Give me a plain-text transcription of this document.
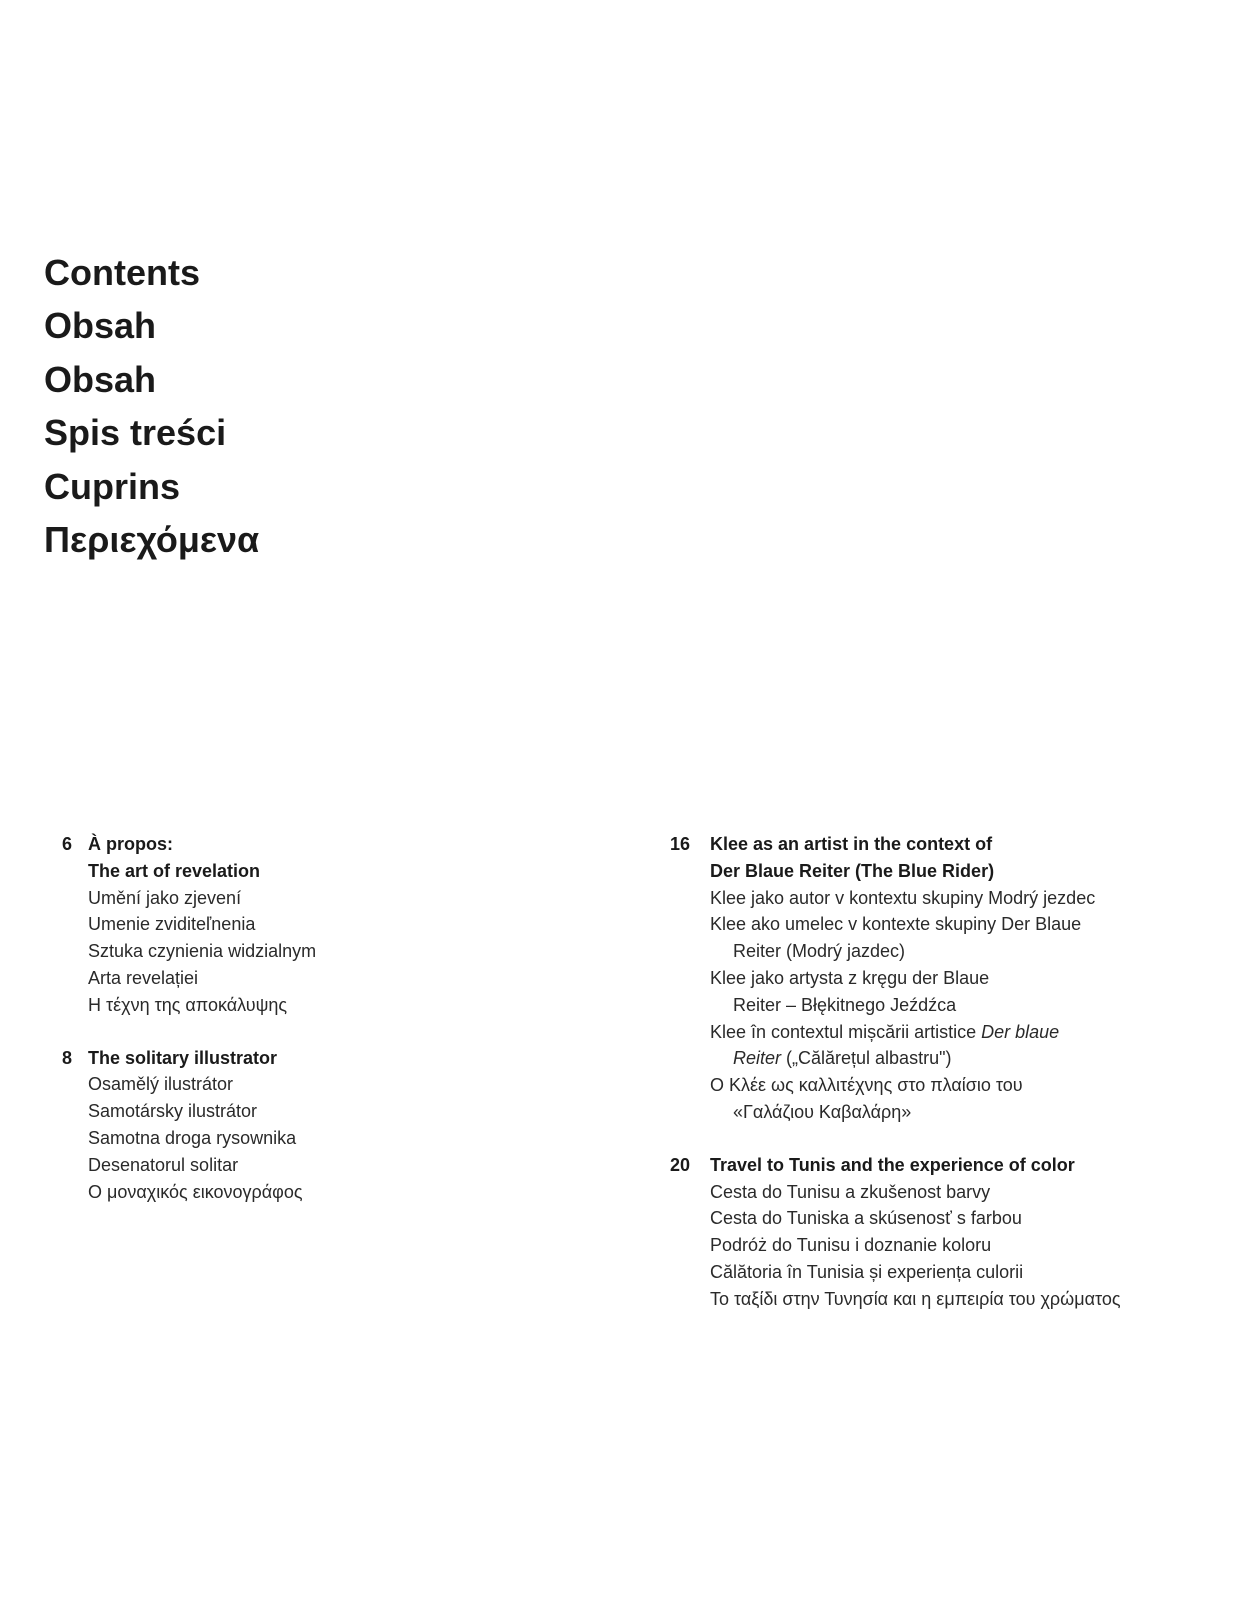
Contents
Obsah
Obsah
Spis treści
Cuprins
Περιεχόμενα
6 À propos:
The art of revelation
Umění jako zjevení
Umenie zviditeľnenia
Sztuka czynienia widzialnym
Arta revelației
Η τέχνη της αποκάλυψης
8 The solitary illustrator
Osamělý ilustrátor
Samotársky ilustrátor
Samotna droga rysownika
Desenatorul solitar
Ο μοναχικός εικονογράφος
16 Klee as an artist in the context of
Der Blaue Reiter (The Blue Rider)
Klee jako autor v kontextu skupiny Modrý jezdec
Klee ako umelec v kontexte skupiny Der Blaue
Reiter (Modrý jazdec)
Klee jako artysta z kręgu der Blaue
Reiter – Błękitnego Jeźdźca
Klee în contextul mișcării artistice Der blaue
Reiter („Călărețul albastru")
Ο Κλέε ως καλλιτέχνης στο πλαίσιο του
«Γαλάζιου Καβαλάρη»
20 Travel to Tunis and the experience of color
Cesta do Tunisu a zkušenost barvy
Cesta do Tuniska a skúsenosť s farbou
Podróż do Tunisu i doznanie koloru
Călătoria în Tunisia și experiența culorii
Το ταξίδι στην Τυνησία και η εμπειρία του χρώματος
